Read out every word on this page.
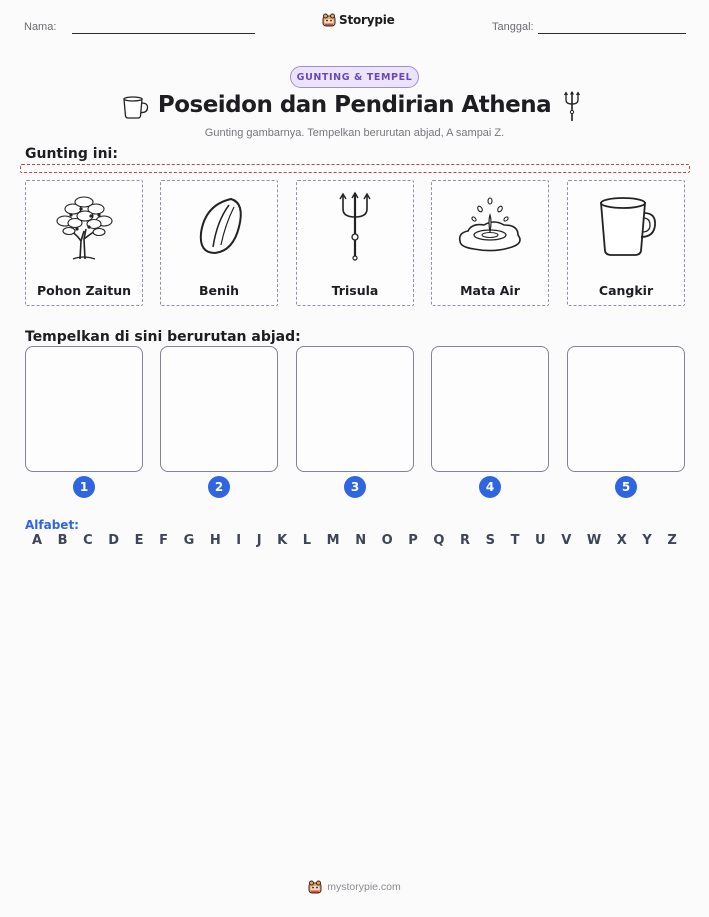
Nama:	Storypie	Tanggal:
GUNTING & TEMPEL
Poseidon dan Pendirian Athena
Gunting gambarnya. Tempelkan berurutan abjad, A sampai Z.
Gunting ini:
Pohon Zaitun	Benih	Trisula	Mata Air	Cangkir
Tempelkan di sini berurutan abjad:
1	2	3	4	5
Alfabet:
A B C D E F G H I J K L M N O P Q R S T U V W X Y Z
mystorypie.com
